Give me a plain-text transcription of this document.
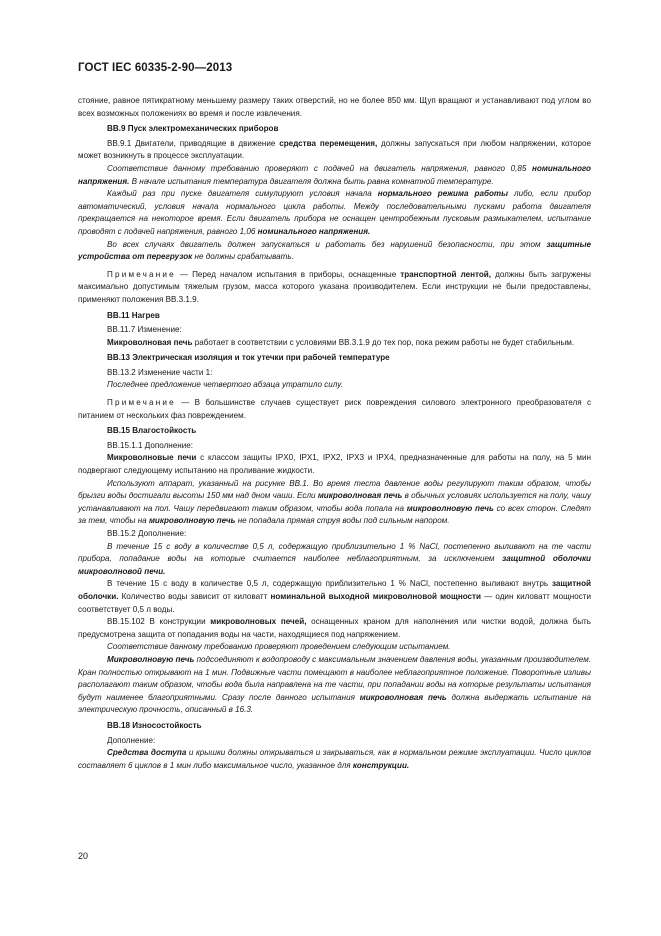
ГОСТ IEC 60335-2-90—2013

стояние, равное пятикратному меньшему размеру таких отверстий, но не более 850 мм. Щуп вращают и устанавливают под углом во всех возможных положениях во время и после извлечения.

BB.9 Пуск электромеханических приборов

BB.9.1 Двигатели, приводящие в движение средства перемещения, должны запускаться при любом напряжении, которое может возникнуть в процессе эксплуатации.

Соответствие данному требованию проверяют с подачей на двигатель напряжения, равного 0,85 номинального напряжения. В начале испытания температура двигателя должна быть равна комнатной температуре.

Каждый раз при пуске двигателя симулируют условия начала нормального режима работы либо, если прибор автоматический, условия начала нормального цикла работы. Между последовательными пусками работа двигателя прекращается на некоторое время. Если двигатель прибора не оснащен центробежным пусковым размыкателем, испытание проводят с подачей напряжения, равного 1,06 номинального напряжения.

Во всех случаях двигатель должен запускаться и работать без нарушений безопасности, при этом защитные устройства от перегрузок не должны срабатывать.

Примечание — Перед началом испытания в приборы, оснащенные транспортной лентой, должны быть загружены максимально допустимым тяжелым грузом, масса которого указана производителем. Если инструкции не были предоставлены, применяют положения BB.3.1.9.

BB.11 Нагрев

BB.11.7 Изменение:

Микроволновая печь работает в соответствии с условиями BB.3.1.9 до тех пор, пока режим работы не будет стабильным.

BB.13 Электрическая изоляция и ток утечки при рабочей температуре

BB.13.2 Изменение части 1:

Последнее предложение четвертого абзаца утратило силу.

Примечание — В большинстве случаев существует риск повреждения силового электронного преобразователя с питанием от нескольких фаз повреждением.

BB.15 Влагостойкость

BB.15.1.1 Дополнение:

Микроволновые печи с классом защиты IPX0, IPX1, IPX2, IPX3 и IPX4, предназначенные для работы на полу, на 5 мин подвергают следующему испытанию на проливание жидкости.

Используют аппарат, указанный на рисунке BB.1. Во время теста давление воды регулируют таким образом, чтобы брызги воды достигали высоты 150 мм над дном чаши. Если микроволновая печь в обычных условиях используется на полу, чашу устанавливают на пол. Чашу передвигают таким образом, чтобы вода попала на микроволновую печь со всех сторон. Следят за тем, чтобы на микроволновую печь не попадала прямая струя воды под сильным напором.

BB.15.2 Дополнение:

В течение 15 с воду в количестве 0,5 л, содержащую приблизительно 1 % NaCl, постепенно выливают на те части прибора, попадание воды на которые считается наиболее неблагоприятным, за исключением защитной оболочки микроволновой печи.

В течение 15 с воду в количестве 0,5 л, содержащую приблизительно 1 % NaCl, постепенно выливают внутрь защитной оболочки. Количество воды зависит от киловатт номинальной выходной микроволновой мощности — один киловатт мощности соответствует 0,5 л воды.

BB.15.102 В конструкции микроволновых печей, оснащенных краном для наполнения или чистки водой, должна быть предусмотрена защита от попадания воды на части, находящиеся под напряжением.

Соответствие данному требованию проверяют проведением следующим испытанием.

Микроволновую печь подсоединяют к водопроводу с максимальным значением давления воды, указанным производителем. Кран полностью открывают на 1 мин. Подвижные части помещают в наиболее неблагоприятное положение. Поворотные изливы располагают таким образом, чтобы вода была направлена на те части, при попадании воды на которые результаты испытания будут наименее благоприятными. Сразу после данного испытания микроволновая печь должна выдержать испытание на электрическую прочность, описанный в 16.3.

BB.18 Износостойкость

Дополнение:

Средства доступа и крышки должны открываться и закрываться, как в нормальном режиме эксплуатации. Число циклов составляет 6 циклов в 1 мин либо максимальное число, указанное для конструкции.

20
